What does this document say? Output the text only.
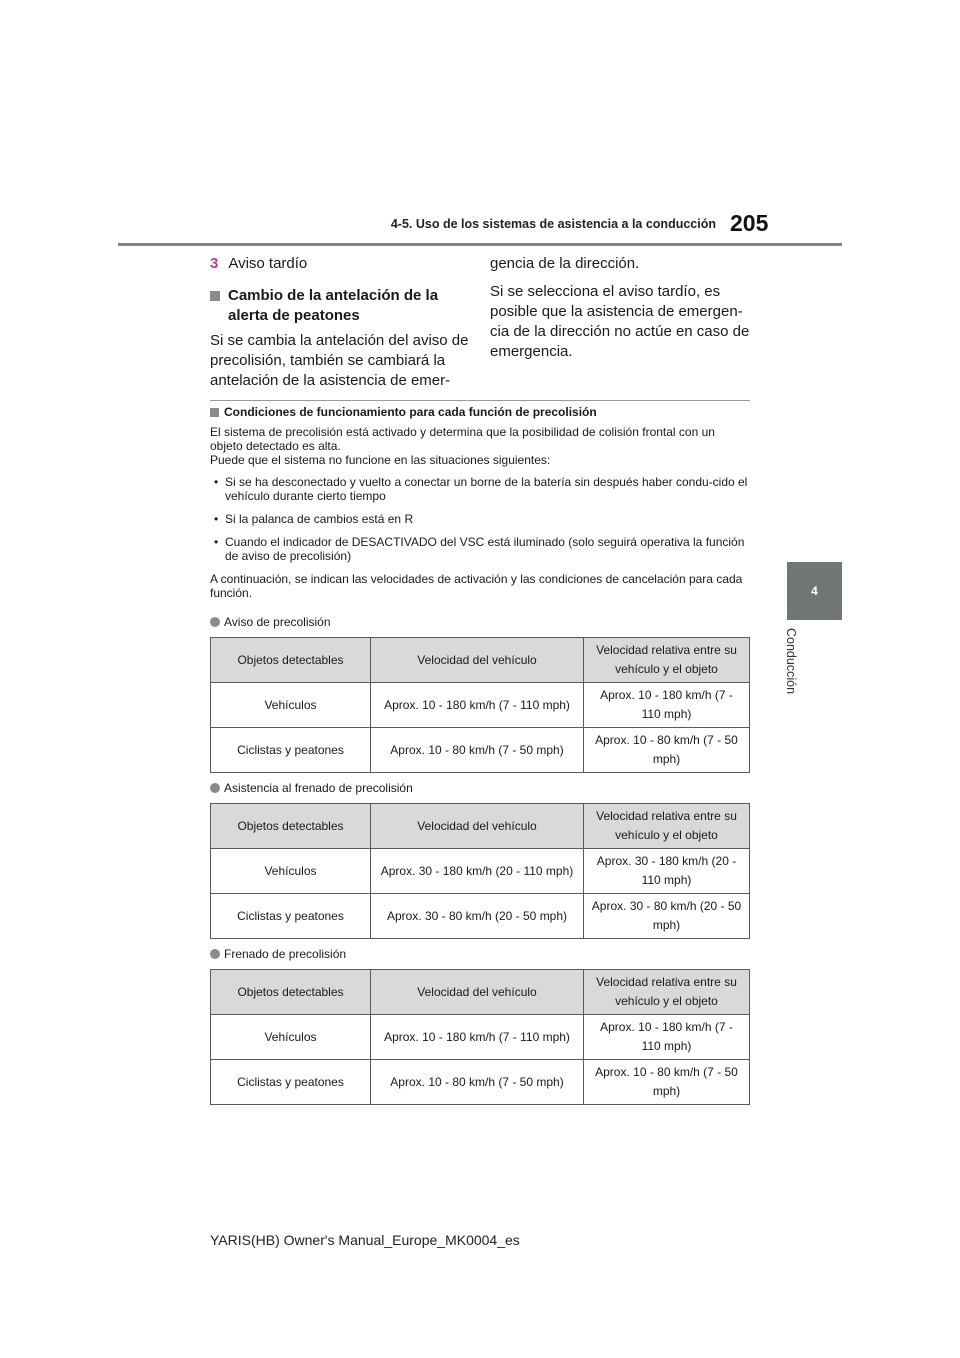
4-5. Uso de los sistemas de asistencia a la conducción 205
4
Conducción
3 Aviso tardío
Cambio de la antelación de la alerta de peatones

Si se cambia la antelación del aviso de precolisión, también se cambiará la antelación de la asistencia de emer-

gencia de la dirección.

Si se selecciona el aviso tardío, es posible que la asistencia de emergen-cia de la dirección no actúe en caso de emergencia.

Condiciones de funcionamiento para cada función de precolisión

El sistema de precolisión está activado y determina que la posibilidad de colisión frontal con un objeto detectado es alta.

Puede que el sistema no funcione en las situaciones siguientes:

• Si se ha desconectado y vuelto a conectar un borne de la batería sin después haber condu-cido el vehículo durante cierto tiempo
• Si la palanca de cambios está en R
• Cuando el indicador de DESACTIVADO del VSC está iluminado (solo seguirá operativa la función de aviso de precolisión)

A continuación, se indican las velocidades de activación y las condiciones de cancelación para cada función.

Aviso de precolisión
Objetos detectables	Velocidad del vehículo	Velocidad relativa entre su vehículo y el objeto
Vehículos	Aprox. 10 - 180 km/h (7 - 110 mph)	Aprox. 10 - 180 km/h (7 - 110 mph)
Ciclistas y peatones	Aprox. 10 - 80 km/h (7 - 50 mph)	Aprox. 10 - 80 km/h (7 - 50 mph)
Asistencia al frenado de precolisión
Objetos detectables	Velocidad del vehículo	Velocidad relativa entre su vehículo y el objeto
Vehículos	Aprox. 30 - 180 km/h (20 - 110 mph)	Aprox. 30 - 180 km/h (20 - 110 mph)
Ciclistas y peatones	Aprox. 30 - 80 km/h (20 - 50 mph)	Aprox. 30 - 80 km/h (20 - 50 mph)
Frenado de precolisión
Objetos detectables	Velocidad del vehículo	Velocidad relativa entre su vehículo y el objeto
Vehículos	Aprox. 10 - 180 km/h (7 - 110 mph)	Aprox. 10 - 180 km/h (7 - 110 mph)
Ciclistas y peatones	Aprox. 10 - 80 km/h (7 - 50 mph)	Aprox. 10 - 80 km/h (7 - 50 mph)
YARIS(HB) Owner's Manual_Europe_MK0004_es
